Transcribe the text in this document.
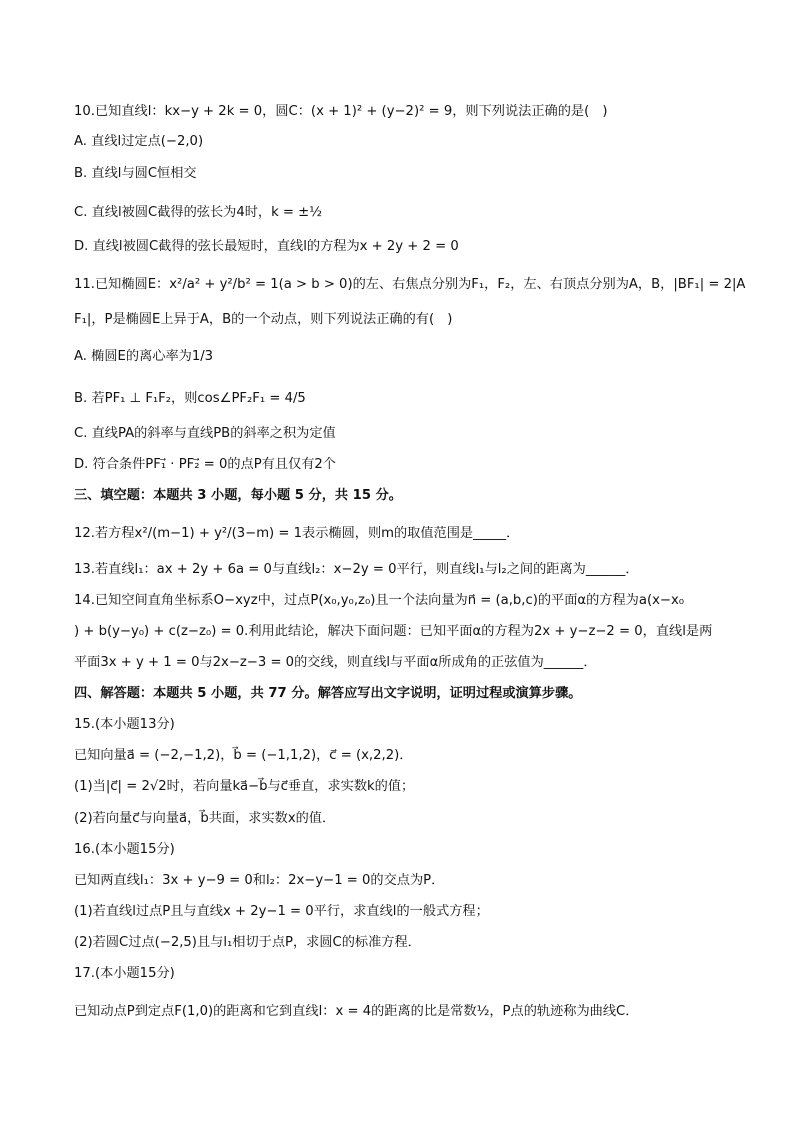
10.已知直线l：kx−y + 2k = 0，圆C：(x + 1)² + (y−2)² = 9，则下列说法正确的是(　)
A. 直线l过定点(−2,0)
B. 直线l与圆C恒相交
C. 直线l被圆C截得的弦长为4时，k = ±½
D. 直线l被圆C截得的弦长最短时，直线l的方程为x + 2y + 2 = 0
11.已知椭圆E：x²/a² + y²/b² = 1(a > b > 0)的左、右焦点分别为F₁，F₂，左、右顶点分别为A，B，|BF₁| = 2|A
F₁|，P是椭圆E上异于A，B的一个动点，则下列说法正确的有(　)
A. 椭圆E的离心率为1/3
B. 若PF₁ ⊥ F₁F₂，则cos∠PF₂F₁ = 4/5
C. 直线PA的斜率与直线PB的斜率之积为定值
D. 符合条件PF₁⃗ · PF₂⃗ = 0的点P有且仅有2个
三、填空题：本题共 3 小题，每小题 5 分，共 15 分。
12.若方程x²/(m−1) + y²/(3−m) = 1表示椭圆，则m的取值范围是_____．
13.若直线l₁：ax + 2y + 6a = 0与直线l₂：x−2y = 0平行，则直线l₁与l₂之间的距离为______．
14.已知空间直角坐标系O−xyz中，过点P(x₀,y₀,z₀)且一个法向量为n⃗ = (a,b,c)的平面α的方程为a(x−x₀
) + b(y−y₀) + c(z−z₀) = 0.利用此结论，解决下面问题：已知平面α的方程为2x + y−z−2 = 0，直线l是两
平面3x + y + 1 = 0与2x−z−3 = 0的交线，则直线l与平面α所成角的正弦值为______．
四、解答题：本题共 5 小题，共 77 分。解答应写出文字说明，证明过程或演算步骤。
15.(本小题13分)
已知向量a⃗ = (−2,−1,2)，b⃗ = (−1,1,2)，c⃗ = (x,2,2)．
(1)当|c⃗| = 2√2时，若向量ka⃗−b⃗与c⃗垂直，求实数k的值；
(2)若向量c⃗与向量a⃗，b⃗共面，求实数x的值．
16.(本小题15分)
已知两直线l₁：3x + y−9 = 0和l₂：2x−y−1 = 0的交点为P．
(1)若直线l过点P且与直线x + 2y−1 = 0平行，求直线l的一般式方程；
(2)若圆C过点(−2,5)且与l₁相切于点P，求圆C的标准方程．
17.(本小题15分)
已知动点P到定点F(1,0)的距离和它到直线l：x = 4的距离的比是常数½，P点的轨迹称为曲线C．
